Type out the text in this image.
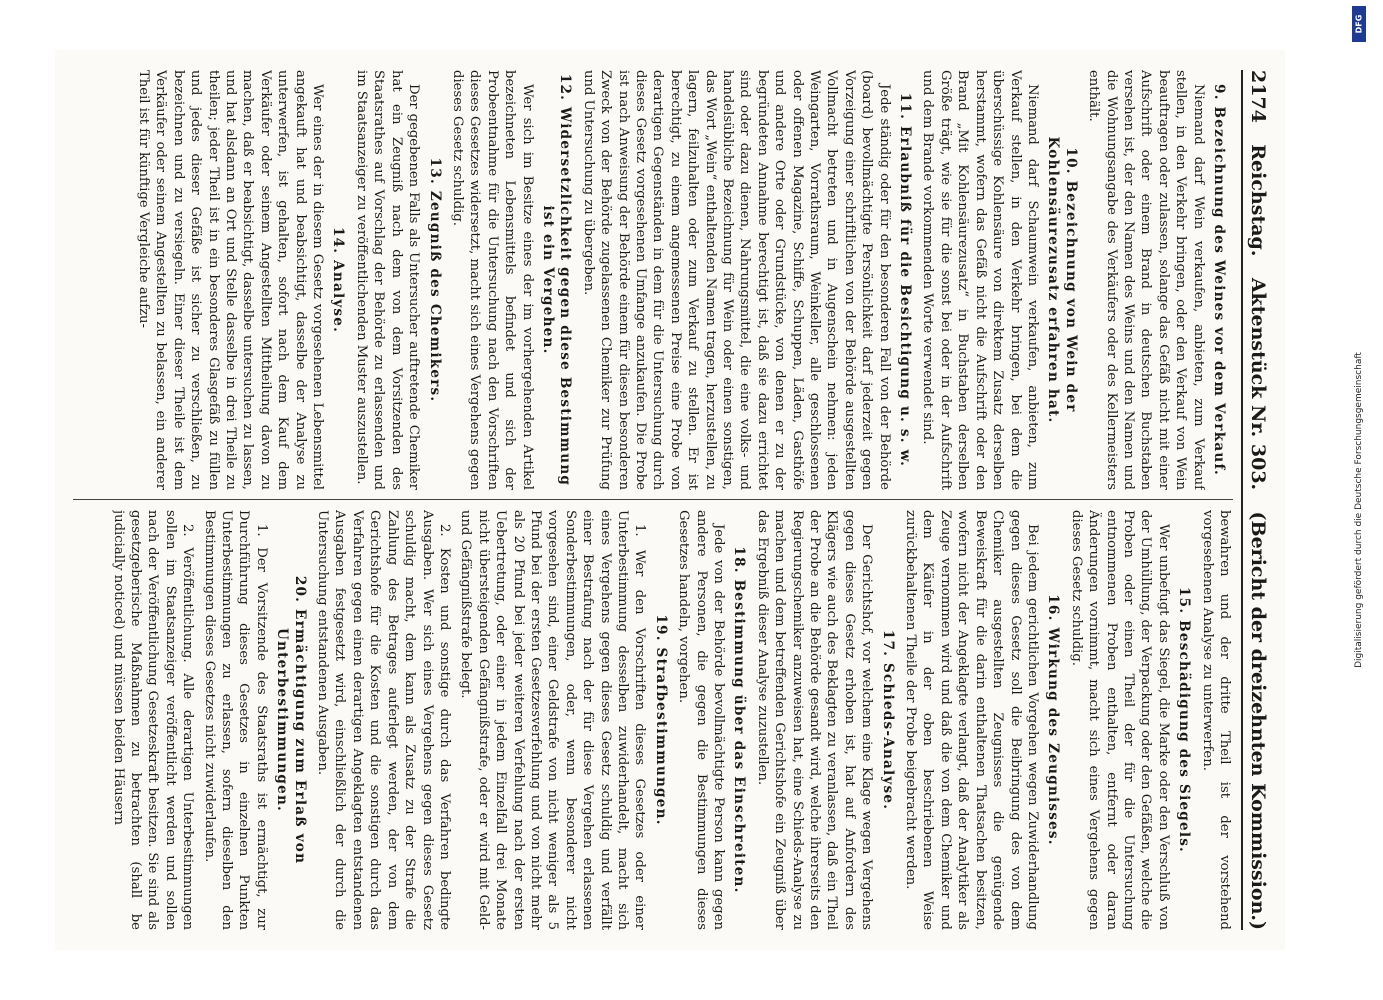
2174
Reichstag.
Aktenstück Nr. 303.
(Bericht der dreizehnten Kommission.)
9. Bezeichnung des Weines vor dem Verkauf.
Niemand darf Wein verkaufen, anbieten, zum Verkauf stellen, in den Verkehr bringen, oder den Verkauf von Wein beauftragen oder zulassen, solange das Gefäß nicht mit einer Aufschrift oder einem Brand in deutschen Buchstaben versehen ist, der den Namen des Weins und den Namen und die Wohnungsangabe des Verkäufers oder des Kellermeisters enthält.
10. Bezeichnung von Wein der Kohlensäurezusatz erfahren hat.
Niemand darf Schaumwein verkaufen, anbieten, zum Verkauf stellen, in den Verkehr bringen, bei dem die überschüssige Kohlensäure von direktem Zusatz derselben herstammt, wofern das Gefäß nicht die Aufschrift oder den Brand „Mit Kohlensäurezusatz“ in Buchstaben derselben Größe trägt, wie sie für die sonst bei oder in der Aufschrift und dem Brande vorkommenden Worte verwendet sind.
11. Erlaubniß für die Besichtigung u. s. w.
Jede ständig oder für den besonderen Fall von der Behörde (board) bevollmächtigte Persönlichkeit darf jederzeit gegen Vorzeigung einer schriftlichen von der Behörde ausgestellten Vollmacht betreten und in Augenschein nehmen: jeden Weingarten, Vorrathsraum, Weinkeller, alle geschlossenen oder offenen Magazine, Schiffe, Schuppen, Läden, Gasthöfe und andere Orte oder Grundstücke, von denen er zu der begründeten Annahme berechtigt ist, daß sie dazu errichtet sind oder dazu dienen, Nahrungsmittel, die eine volks- und handelsübliche Bezeichnung für Wein oder einen sonstigen, das Wort „Wein“ enthaltenden Namen tragen, herzustellen, zu lagern, feilzuhalten oder zum Verkauf zu stellen. Er ist berechtigt, zu einem angemessenen Preise eine Probe von derartigen Gegenständen in dem für die Untersuchung durch dieses Gesetz vorgesehenen Umfange anzukaufen. Die Probe ist nach Anweisung der Behörde einem für diesen besonderen Zweck von der Behörde zugelassenen Chemiker zur Prüfung und Untersuchung zu übergeben.
12. Widersetzlichkeit gegen diese Bestimmung ist ein Vergehen.
Wer sich im Besitze eines der im vorhergehenden Artikel bezeichneten Lebensmittels befindet und sich der Probeentnahme für die Untersuchung nach den Vorschriften dieses Gesetzes widersetzt, macht sich eines Vergehens gegen dieses Gesetz schuldig.
13. Zeugniß des Chemikers.
Der gegebenen Falls als Untersucher auftretende Chemiker hat ein Zeugniß nach dem von dem Vorsitzenden des Staatsrathes auf Vorschlag der Behörde zu erlassenden und im Staatsanzeiger zu veröffentlichenden Muster auszustellen.
14. Analyse.
Wer eines der in diesem Gesetz vorgesehenen Lebensmittel angekauft hat und beabsichtigt, dasselbe der Analyse zu unterwerfen, ist gehalten, sofort nach dem Kauf dem Verkäufer oder seinem Angestellten Mittheilung davon zu machen, daß er beabsichtigt, dasselbe untersuchen zu lassen, und hat alsdann an Ort und Stelle dasselbe in drei Theile zu theilen; jeder Theil ist in ein besonderes Glasgefäß zu füllen und jedes dieser Gefäße ist sicher zu verschließen, zu bezeichnen und zu versiegeln. Einer dieser Theile ist dem Verkäufer oder seinem Angestellten zu belassen, ein anderer Theil ist für künftige Vergleiche aufzu-
bewahren und der dritte Theil ist der vorstehend vorgesehenen Analyse zu unterwerfen.
15. Beschädigung des Siegels.
Wer unbefugt das Siegel, die Marke oder den Verschluß von der Umhüllung, der Verpackung oder den Gefäßen, welche die Proben oder einen Theil der für die Untersuchung entnommenen Proben enthalten, entfernt oder daran Änderungen vornimmt, macht sich eines Vergehens gegen dieses Gesetz schuldig.
16. Wirkung des Zeugnisses.
Bei jedem gerichtlichen Vorgehen wegen Zuwiderhandlung gegen dieses Gesetz soll die Beibringung des von dem Chemiker ausgestellten Zeugnisses die genügende Beweiskraft für die darin enthaltenen Thatsachen besitzen, wofern nicht der Angeklagte verlangt, daß der Analytiker als Zeuge vernommen wird und daß die von dem Chemiker und dem Käufer in der oben beschriebenen Weise zurückbehaltenen Theile der Probe beigebracht werden.
17. Schieds-Analyse.
Der Gerichtshof, vor welchem eine Klage wegen Vergehens gegen dieses Gesetz erhoben ist, hat auf Anfordern des Klägers wie auch des Beklagten zu veranlassen, daß ein Theil der Probe an die Behörde gesandt wird, welche ihrerseits den Regierungschemiker anzuweisen hat, eine Schieds-Analyse zu machen und dem betreffenden Gerichtshofe ein Zeugniß über das Ergebniß dieser Analyse zuzustellen.
18. Bestimmung über das Einschreiten.
Jede von der Behörde bevollmächtigte Person kann gegen andere Personen, die gegen die Bestimmungen dieses Gesetzes handeln, vorgehen.
19. Strafbestimmungen.
1. Wer den Vorschriften dieses Gesetzes oder einer Unterbestimmung desselben zuwiderhandelt, macht sich eines Vergehens gegen dieses Gesetz schuldig und verfällt einer Bestrafung nach der für diese Vergehen erlassenen Sonderbestimmungen, oder, wenn besonderer nicht vorgesehen sind, einer Geldstrafe von nicht weniger als 5 Pfund bei der ersten Gesetzesverfehlung und von nicht mehr als 20 Pfund bei jeder weiteren Verfehlung nach der ersten Uebertretung, oder einer in jedem Einzelfall drei Monate nicht übersteigenden Gefängnißstrafe, oder er wird mit Geld- und Gefängnißstrafe belegt.
2. Kosten und sonstige durch das Verfahren bedingte Ausgaben. Wer sich eines Vergehens gegen dieses Gesetz schuldig macht, dem kann als Zusatz zu der Strafe die Zahlung des Betrages auferlegt werden, der von dem Gerichtshofe für die Kosten und die sonstigen durch das Verfahren gegen einen derartigen Angeklagten entstandenen Ausgaben festgesetzt wird, einschließlich der durch die Untersuchung entstandenen Ausgaben.
20. Ermächtigung zum Erlaß von Unterbestimmungen.
1. Der Vorsitzende des Staatsraths ist ermächtigt, zur Durchführung dieses Gesetzes in einzelnen Punkten Unterbestimmungen zu erlassen, sofern dieselben den Bestimmungen dieses Gesetzes nicht zuwiderlaufen.
2. Veröffentlichung. Alle derartigen Unterbestimmungen sollen im Staatsanzeiger veröffentlicht werden und sollen nach der Veröffentlichung Gesetzeskraft besitzen. Sie sind als gesetzgeberische Maßnahmen zu betrachten (shall be judicially noticed) und müssen beiden Häusern	Digitalisierung gefördert durch die Deutsche Forschungsgemeinschaft
DFG
